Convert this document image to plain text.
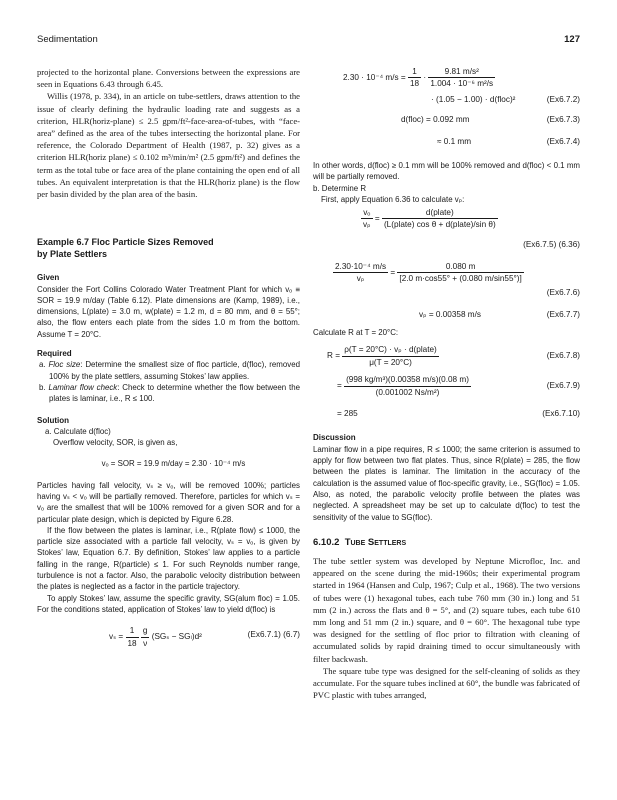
Sedimentation	127

projected to the horizontal plane. Conversions between the expressions are seen in Equations 6.43 through 6.45.

Willis (1978, p. 334), in an article on tube-settlers, draws attention to the issue of clearly defining the hydraulic loading rate and suggests as a criterion, HLR(horiz-plane) ≤ 2.5 gpm/ft²-face-area-of-tubes, with “face-area” defined as the area of the tubes intersecting the horizontal plane. For reference, the Colorado Department of Health (1987, p. 32) gives as a criterion HLR(horiz plane) ≤ 0.102 m³/min/m² (2.5 gpm/ft²) and defines the term as the total tube or face area of the plane containing the open end of all tubes. An equivalent interpretation is that the HLR(horiz plane) is the flow per basin divided by the plan area of the basin.

Example 6.7 Floc Particle Sizes Removed
by Plate Settlers

Given

Consider the Fort Collins Colorado Water Treatment Plant for which vₒ ≡ SOR = 19.9 m/day (Table 6.12). Plate dimensions are (Kamp, 1989), i.e., dimensions, L(plate) = 3.0 m, w(plate) = 1.2 m, d = 80 mm, and θ = 55°; also, the flow enters each plate from the sides 1.0 m from the bottom. Assume T = 20°C.

Required

a. Floc size: Determine the smallest size of floc particle, d(floc), removed 100% by the plate settlers, assuming Stokes’ law applies.

b. Laminar flow check: Check to determine whether the flow between the plates is laminar, i.e., R ≤ 100.

Solution

a. Calculate d(floc)

Overflow velocity, SOR, is given as,

vₒ = SOR = 19.9 m/day = 2.30 · 10⁻⁴ m/s

Particles having fall velocity, vₛ ≥ vₒ, will be removed 100%; particles having vₛ < vₒ will be partially removed. Therefore, particles for which vₛ = vₒ are the smallest that will be 100% removed for a given SOR and for a particular plate design, which is depicted by Figure 6.28.

If the flow between the plates is laminar, i.e., R(plate flow) ≤ 1000, the particle size associated with a particle fall velocity, vₛ = vₒ, is given by Stokes’ law, Equation 6.7. By definition, Stokes’ law applies to a particle falling in the range, R(particle) ≤ 1. For such Reynolds number range, turbulence is not a factor. Also, the parabolic velocity distribution between the plates is neglected as a factor in the particle trajectory.

To apply Stokes’ law, assume the specific gravity, SG(alum floc) = 1.05. For the conditions stated, application of Stokes’ law to yield d(floc) is

$v_s = \frac{1}{18}$
$\frac{g}{\nu} (SG_s - SG_l)d^2$	(Ex6.7.1) (6.7)
2.30 · 10⁻⁴ $m/s = \frac{1}{18} \cdot \frac{\text{9.81 m/s²}}{\text{1.004 · 10⁻⁶ m²/s}}$
· (1.05 − 1.00) · d(floc)²	(Ex6.7.2)
d(floc) = 0.092 mm	(Ex6.7.3)
≈ 0.1 mm	(Ex6.7.4)

In other words, d(floc) ≥ 0.1 mm will be 100% removed and d(floc) < 0.1 mm will be partially removed.

b. Determine R

First, apply Equation 6.36 to calculate vₚ:

$\frac{\text{vₒ}}{\text{vₚ}} = \frac{\text{d(plate)}}{\text{(L(plate) cos θ + d(plate)/sin θ)}}$
(Ex6.7.5) (6.36)
$\frac{\text{2.30·10⁻⁴ m/s}}{\text{vₚ}} = \frac{0.080 m}{[2.0 m\cdot\cos 55^\circ + (0.080 m/\sin 55^\circ)]}$
(Ex6.7.6)
vₚ = 0.00358 m/s	(Ex6.7.7)

Calculate R at T = 20°C:

$R = \frac{\text{ρ(T = 20°C) · vₚ · d(plate)}}{\mu(T = 20^\circ C)}$	(Ex6.7.8)
= $\frac{\text{(998 kg/m³)(0.00358 m/s)(0.08 m)}}{\text{(0.001002 Ns/m²)}}$	(Ex6.7.9)
= 285	(Ex6.7.10)

Discussion

Laminar flow in a pipe requires, R ≤ 1000; the same criterion is assumed to apply for flow between two flat plates. Thus, since R(plate) = 285, the flow between the plates is laminar. The limitation in the accuracy of the calculation is the assumed value of floc-specific gravity, i.e., SG(floc) = 1.05. Also, as noted, the parabolic velocity profile between the plates was neglected. A spreadsheet may be set up to calculate d(floc) to test the sensitivity of the value to SG(floc).

6.10.2 Tube Settlers

The tube settler system was developed by Neptune Microfloc, Inc. and appeared on the scene during the mid-1960s; their experimental program started in 1964 (Hansen and Culp, 1967; Culp et al., 1968). The two versions of tubes were (1) hexagonal tubes, each tube 760 mm (30 in.) long and 51 mm (2 in.) across the flats and θ = 5°, and (2) square tubes, each tube 610 mm long and 51 mm (2 in.) square, and θ = 60°. The hexagonal tube type was designed for the settling of floc prior to filtration with cleaning of accumulated solids by rapid draining timed to occur simultaneously with filter backwash.

The square tube type was designed for the self-cleaning of solids as they accumulate. For the square tubes inclined at 60°, the bundle was fabricated of PVC plastic with tubes arranged,
